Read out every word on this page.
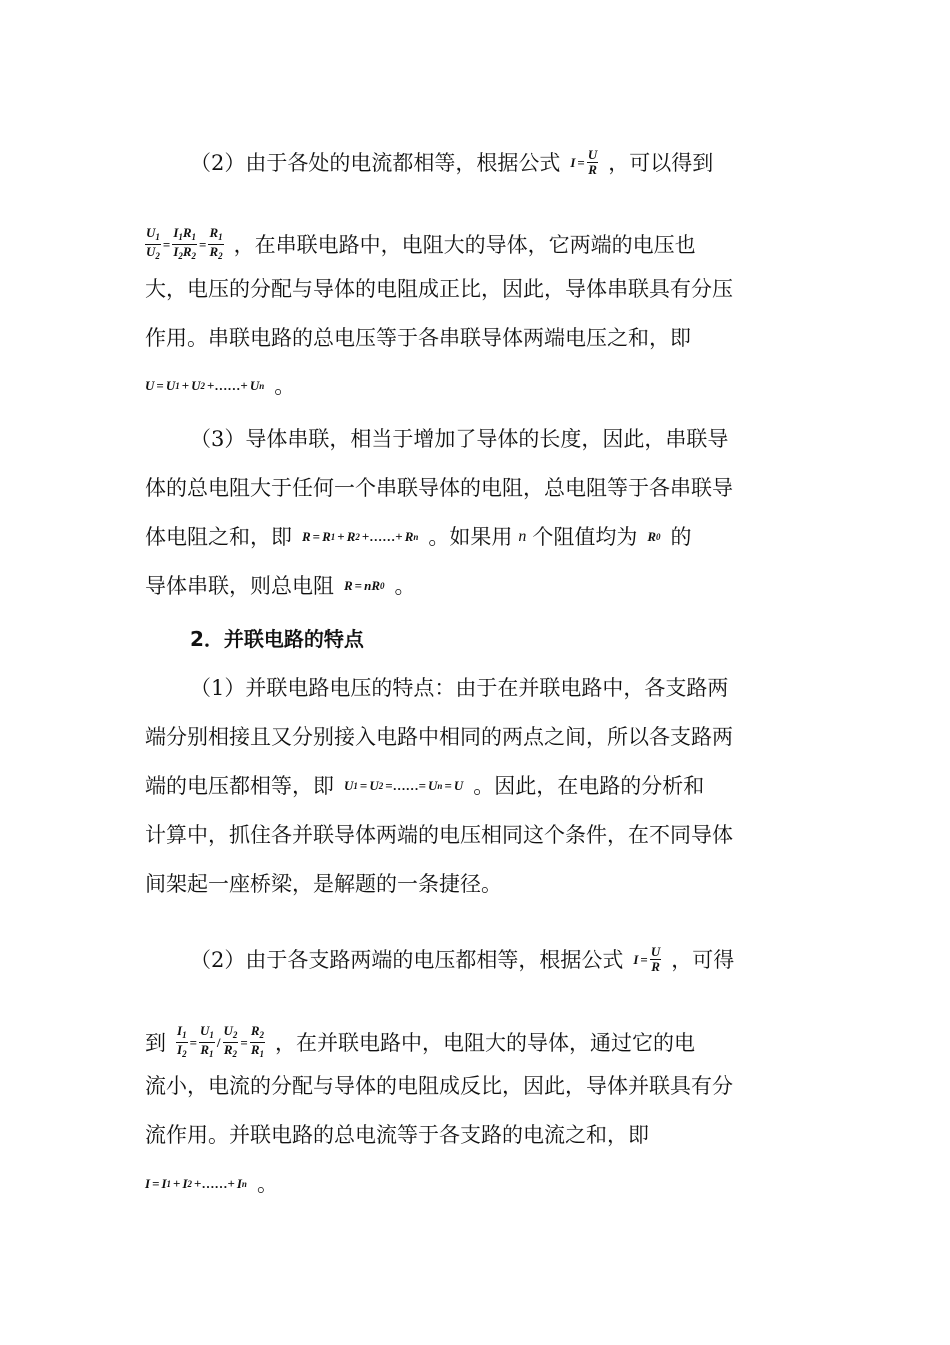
（2）由于各处的电流都相等，根据公式 $I = \frac{U}{R}$ ，可以得到
$\frac{U_1}{U_2} = \frac{I_1R_1}{I_2R_2} = \frac{R_1}{R_2}$ ，在串联电路中，电阻大的导体，它两端的电压也
大，电压的分配与导体的电阻成正比，因此，导体串联具有分压
作用。串联电路的总电压等于各串联导体两端电压之和，即
U = U 1 + U 2 +……+ U n 。
（3）导体串联，相当于增加了导体的长度，因此，串联导
体的总电阻大于任何一个串联导体的电阻，总电阻等于各串联导
体电阻之和，即 R = R 1 + R 2 +……+ R n 。如果用 n 个阻值均为 R 0 的
导体串联，则总电阻 R = nR 0 。
2．并联电路的特点
（1）并联电路电压的特点：由于在并联电路中，各支路两
端分别相接且又分别接入电路中相同的两点之间，所以各支路两
端的电压都相等，即 U 1 = U 2 =……= U n = U 。因此，在电路的分析和
计算中，抓住各并联导体两端的电压相同这个条件，在不同导体
间架起一座桥梁，是解题的一条捷径。
（2）由于各支路两端的电压都相等，根据公式 $I = \frac{U}{R}$ ，可得
到 $\frac{I_1}{I_2} = \frac{U_1}{R_1} / \frac{U_2}{R_2} = \frac{R_2}{R_1}$ ，在并联电路中，电阻大的导体，通过它的电
流小，电流的分配与导体的电阻成反比，因此，导体并联具有分
流作用。并联电路的总电流等于各支路的电流之和，即
I = I 1 + I 2 +……+ I n 。
